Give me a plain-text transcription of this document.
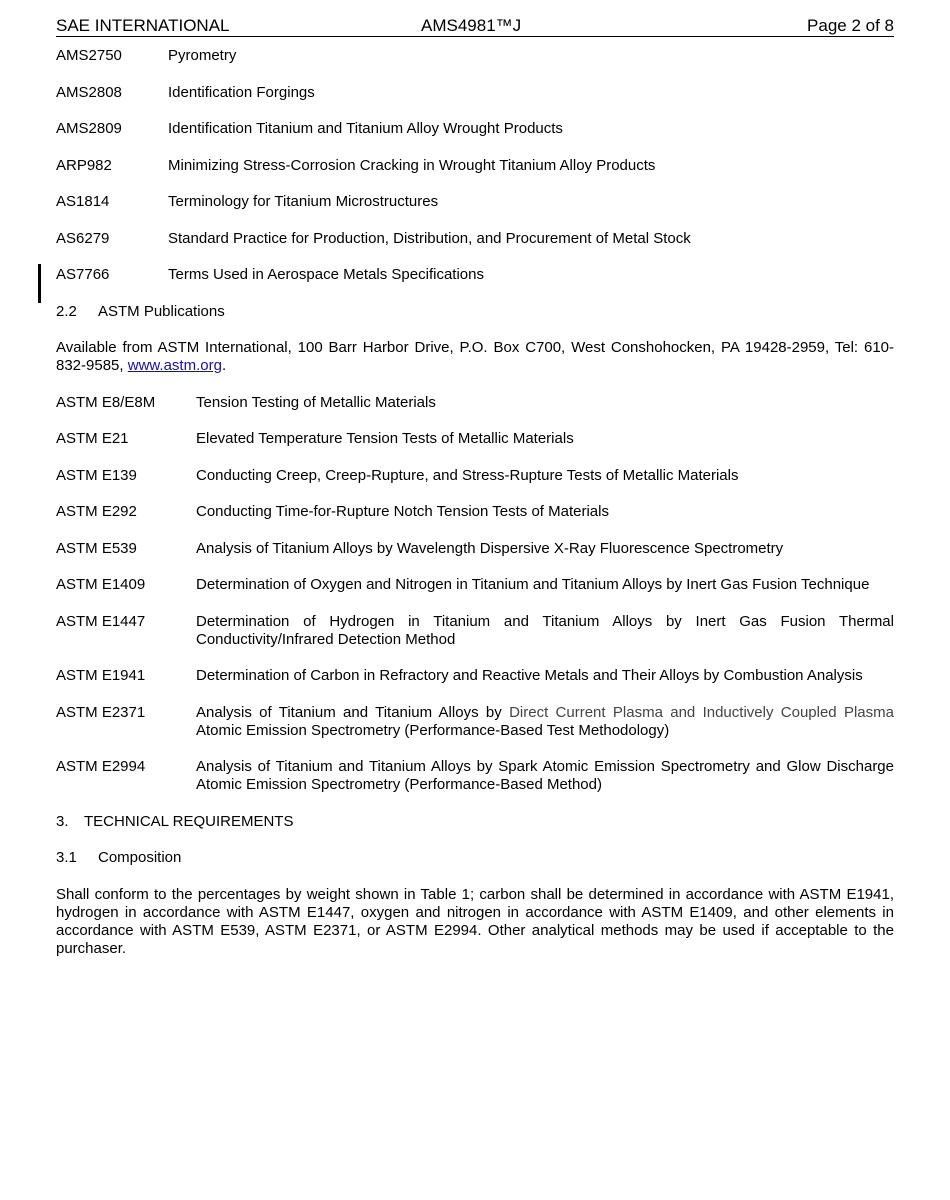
SAE INTERNATIONAL	AMS4981™J	Page 2 of 8
AMS2750	Pyrometry
AMS2808	Identification Forgings
AMS2809	Identification Titanium and Titanium Alloy Wrought Products
ARP982	Minimizing Stress-Corrosion Cracking in Wrought Titanium Alloy Products
AS1814	Terminology for Titanium Microstructures
AS6279	Standard Practice for Production, Distribution, and Procurement of Metal Stock
AS7766	Terms Used in Aerospace Metals Specifications
2.2 ASTM Publications
Available from ASTM International, 100 Barr Harbor Drive, P.O. Box C700, West Conshohocken, PA 19428-2959, Tel: 610-832-9585, www.astm.org.
ASTM E8/E8M	Tension Testing of Metallic Materials
ASTM E21	Elevated Temperature Tension Tests of Metallic Materials
ASTM E139	Conducting Creep, Creep-Rupture, and Stress-Rupture Tests of Metallic Materials
ASTM E292	Conducting Time-for-Rupture Notch Tension Tests of Materials
ASTM E539	Analysis of Titanium Alloys by Wavelength Dispersive X-Ray Fluorescence Spectrometry
ASTM E1409	Determination of Oxygen and Nitrogen in Titanium and Titanium Alloys by Inert Gas Fusion Technique
ASTM E1447	Determination of Hydrogen in Titanium and Titanium Alloys by Inert Gas Fusion Thermal Conductivity/Infrared Detection Method
ASTM E1941	Determination of Carbon in Refractory and Reactive Metals and Their Alloys by Combustion Analysis
ASTM E2371	Analysis of Titanium and Titanium Alloys by Direct Current Plasma and Inductively Coupled Plasma Atomic Emission Spectrometry (Performance-Based Test Methodology)
ASTM E2994	Analysis of Titanium and Titanium Alloys by Spark Atomic Emission Spectrometry and Glow Discharge Atomic Emission Spectrometry (Performance-Based Method)
3. TECHNICAL REQUIREMENTS
3.1 Composition
Shall conform to the percentages by weight shown in Table 1; carbon shall be determined in accordance with ASTM E1941, hydrogen in accordance with ASTM E1447, oxygen and nitrogen in accordance with ASTM E1409, and other elements in accordance with ASTM E539, ASTM E2371, or ASTM E2994. Other analytical methods may be used if acceptable to the purchaser.
